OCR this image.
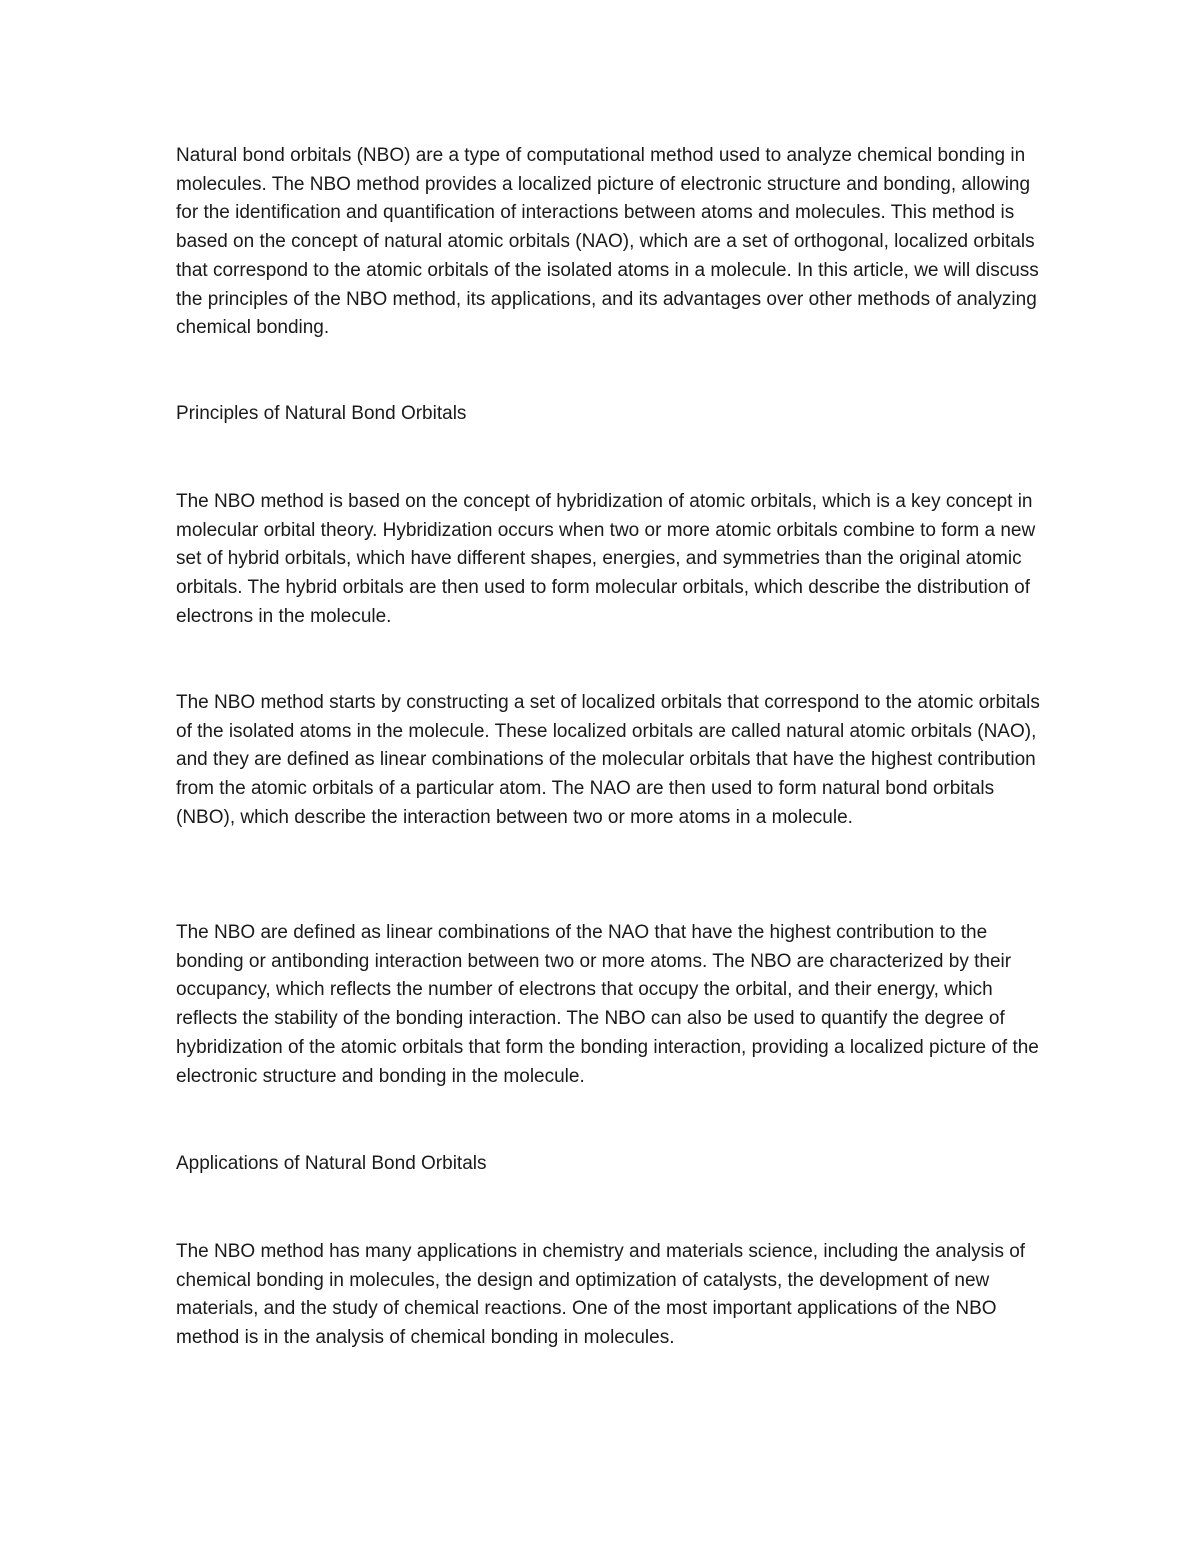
Natural bond orbitals (NBO) are a type of computational method used to analyze chemical bonding in molecules. The NBO method provides a localized picture of electronic structure and bonding, allowing for the identification and quantification of interactions between atoms and molecules. This method is based on the concept of natural atomic orbitals (NAO), which are a set of orthogonal, localized orbitals that correspond to the atomic orbitals of the isolated atoms in a molecule. In this article, we will discuss the principles of the NBO method, its applications, and its advantages over other methods of analyzing chemical bonding.

Principles of Natural Bond Orbitals

The NBO method is based on the concept of hybridization of atomic orbitals, which is a key concept in molecular orbital theory. Hybridization occurs when two or more atomic orbitals combine to form a new set of hybrid orbitals, which have different shapes, energies, and symmetries than the original atomic orbitals. The hybrid orbitals are then used to form molecular orbitals, which describe the distribution of electrons in the molecule.

The NBO method starts by constructing a set of localized orbitals that correspond to the atomic orbitals of the isolated atoms in the molecule. These localized orbitals are called natural atomic orbitals (NAO), and they are defined as linear combinations of the molecular orbitals that have the highest contribution from the atomic orbitals of a particular atom. The NAO are then used to form natural bond orbitals (NBO), which describe the interaction between two or more atoms in a molecule.

The NBO are defined as linear combinations of the NAO that have the highest contribution to the bonding or antibonding interaction between two or more atoms. The NBO are characterized by their occupancy, which reflects the number of electrons that occupy the orbital, and their energy, which reflects the stability of the bonding interaction. The NBO can also be used to quantify the degree of hybridization of the atomic orbitals that form the bonding interaction, providing a localized picture of the electronic structure and bonding in the molecule.

Applications of Natural Bond Orbitals

The NBO method has many applications in chemistry and materials science, including the analysis of chemical bonding in molecules, the design and optimization of catalysts, the development of new materials, and the study of chemical reactions. One of the most important applications of the NBO method is in the analysis of chemical bonding in molecules.
